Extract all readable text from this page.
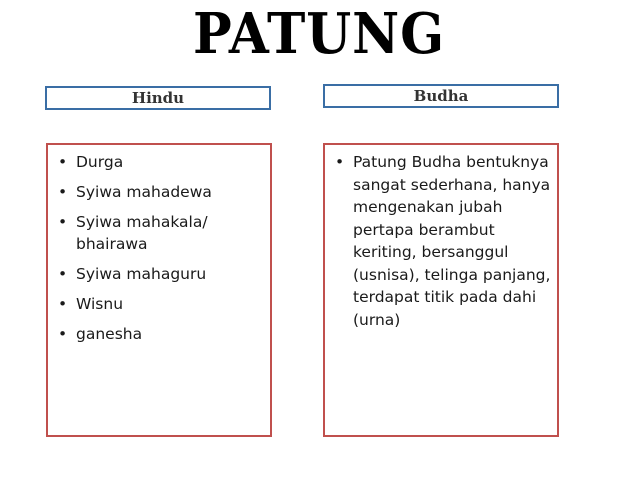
PATUNG
Hindu	Budha
• Durga
• Syiwa mahadewa
• Syiwa mahakala/ bhairawa
• Syiwa mahaguru
• Wisnu
• ganesha
• Patung Budha bentuknya sangat sederhana, hanya mengenakan jubah pertapa berambut keriting, bersanggul (usnisa), telinga panjang, terdapat titik pada dahi (urna)
